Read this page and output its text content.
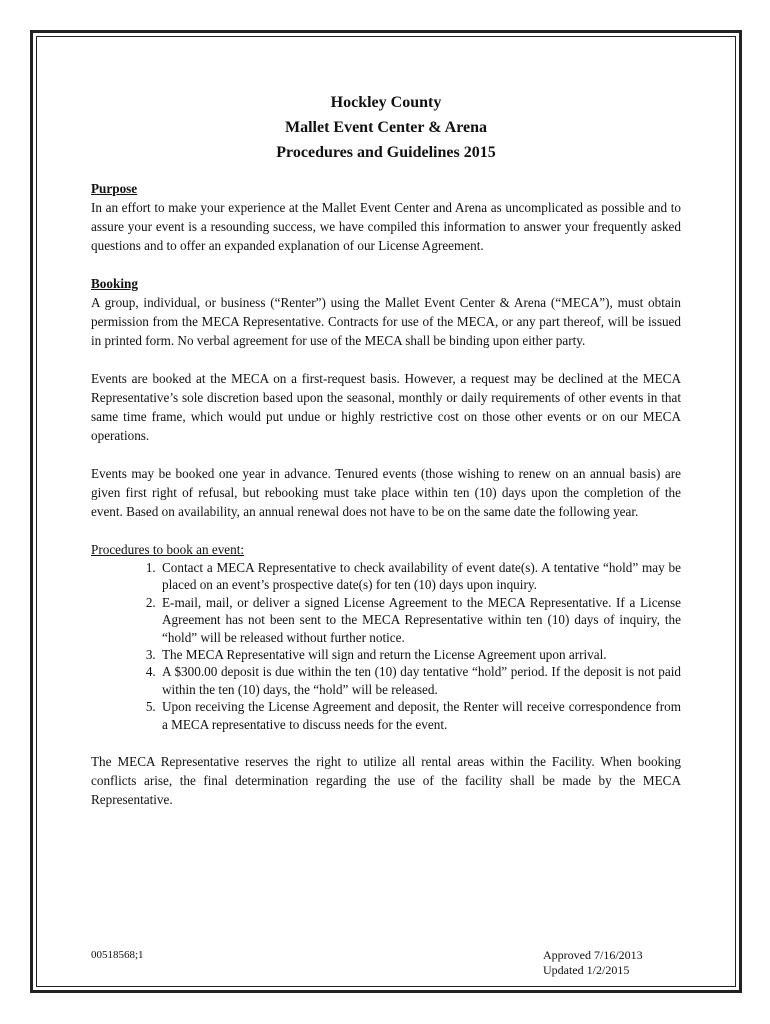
Hockley County
Mallet Event Center & Arena
Procedures and Guidelines 2015
Purpose

In an effort to make your experience at the Mallet Event Center and Arena as uncomplicated as possible and to assure your event is a resounding success, we have compiled this information to answer your frequently asked questions and to offer an expanded explanation of our License Agreement.

Booking

A group, individual, or business (“Renter”) using the Mallet Event Center & Arena (“MECA”), must obtain permission from the MECA Representative. Contracts for use of the MECA, or any part thereof, will be issued in printed form. No verbal agreement for use of the MECA shall be binding upon either party.

Events are booked at the MECA on a first-request basis. However, a request may be declined at the MECA Representative’s sole discretion based upon the seasonal, monthly or daily requirements of other events in that same time frame, which would put undue or highly restrictive cost on those other events or on our MECA operations.

Events may be booked one year in advance. Tenured events (those wishing to renew on an annual basis) are given first right of refusal, but rebooking must take place within ten (10) days upon the completion of the event. Based on availability, an annual renewal does not have to be on the same date the following year.

Procedures to book an event:
1. Contact a MECA Representative to check availability of event date(s). A tentative “hold” may be placed on an event’s prospective date(s) for ten (10) days upon inquiry.
2. E-mail, mail, or deliver a signed License Agreement to the MECA Representative. If a License Agreement has not been sent to the MECA Representative within ten (10) days of inquiry, the “hold” will be released without further notice.
3. The MECA Representative will sign and return the License Agreement upon arrival.
4. A $300.00 deposit is due within the ten (10) day tentative “hold” period. If the deposit is not paid within the ten (10) days, the “hold” will be released.
5. Upon receiving the License Agreement and deposit, the Renter will receive correspondence from a MECA representative to discuss needs for the event.

The MECA Representative reserves the right to utilize all rental areas within the Facility. When booking conflicts arise, the final determination regarding the use of the facility shall be made by the MECA Representative.

00518568;1	Approved 7/16/2013
Updated 1/2/2015
